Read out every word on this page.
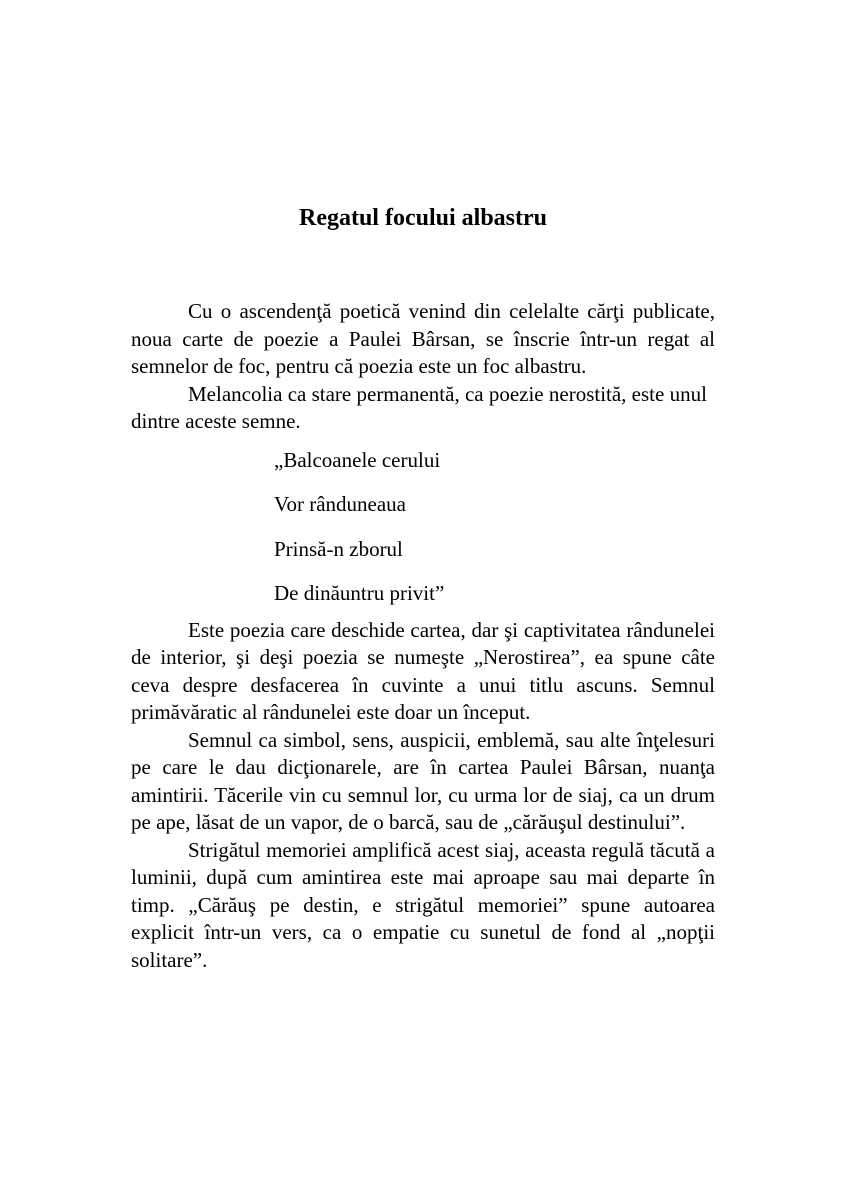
Regatul focului albastru

Cu o ascendenţă poetică venind din celelalte cărţi publicate, noua carte de poezie a Paulei Bârsan, se înscrie într-un regat al semnelor de foc, pentru că poezia este un foc albastru.

Melancolia ca stare permanentă, ca poezie nerostită, este unul dintre aceste semne.

„Balcoanele cerului

Vor rânduneaua

Prinsă-n zborul

De dinăuntru privit”

Este poezia care deschide cartea, dar şi captivitatea rândunelei de interior, şi deşi poezia se numeşte „Nerostirea”, ea spune câte ceva despre desfacerea în cuvinte a unui titlu ascuns. Semnul primăvăratic al rândunelei este doar un început.

Semnul ca simbol, sens, auspicii, emblemă, sau alte înţelesuri pe care le dau dicţionarele, are în cartea Paulei Bârsan, nuanţa amintirii. Tăcerile vin cu semnul lor, cu urma lor de siaj, ca un drum pe ape, lăsat de un vapor, de o barcă, sau de „cărăuşul destinului”.

Strigătul memoriei amplifică acest siaj, aceasta regulă tăcută a luminii, după cum amintirea este mai aproape sau mai departe în timp. „Cărăuş pe destin, e strigătul memoriei” spune autoarea explicit într-un vers, ca o empatie cu sunetul de fond al „nopţii solitare”.
